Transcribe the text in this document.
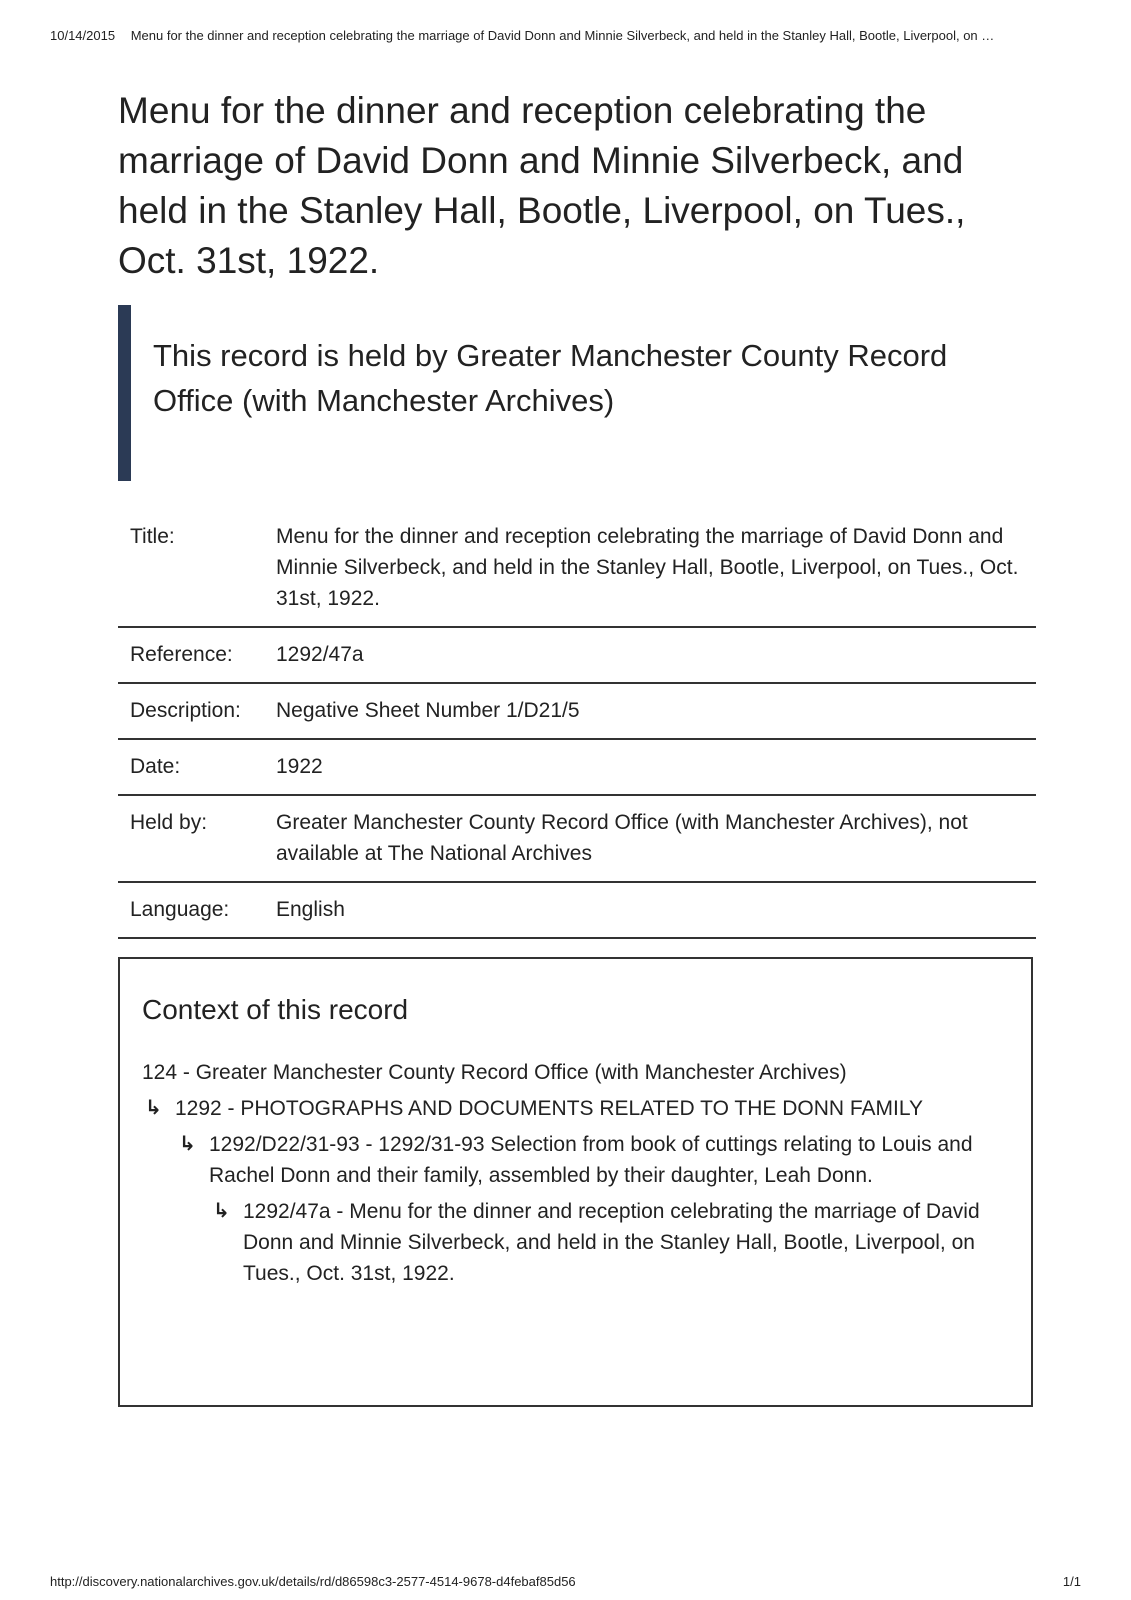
10/14/2015 Menu for the dinner and reception celebrating the marriage of David Donn and Minnie Silverbeck, and held in the Stanley Hall, Bootle, Liverpool, on …
Menu for the dinner and reception celebrating the marriage of David Donn and Minnie Silverbeck, and held in the Stanley Hall, Bootle, Liverpool, on Tues., Oct. 31st, 1922.

This record is held by Greater Manchester County Record Office (with Manchester Archives)

Title:	Menu for the dinner and reception celebrating the marriage of David Donn and Minnie Silverbeck, and held in the Stanley Hall, Bootle, Liverpool, on Tues., Oct. 31st, 1922.
Reference:	1292/47a
Description:	Negative Sheet Number 1/D21/5
Date:	1922
Held by:	Greater Manchester County Record Office (with Manchester Archives), not available at The National Archives
Language:	English
Context of this record
124 - Greater Manchester County Record Office (with Manchester Archives)
↳ 1292 - PHOTOGRAPHS AND DOCUMENTS RELATED TO THE DONN FAMILY
↳ 1292/D22/31-93 - 1292/31-93 Selection from book of cuttings relating to Louis and Rachel Donn and their family, assembled by their daughter, Leah Donn.
↳ 1292/47a - Menu for the dinner and reception celebrating the marriage of David Donn and Minnie Silverbeck, and held in the Stanley Hall, Bootle, Liverpool, on Tues., Oct. 31st, 1922.
http://discovery.nationalarchives.gov.uk/details/rd/d86598c3-2577-4514-9678-d4febaf85d56	1/1
